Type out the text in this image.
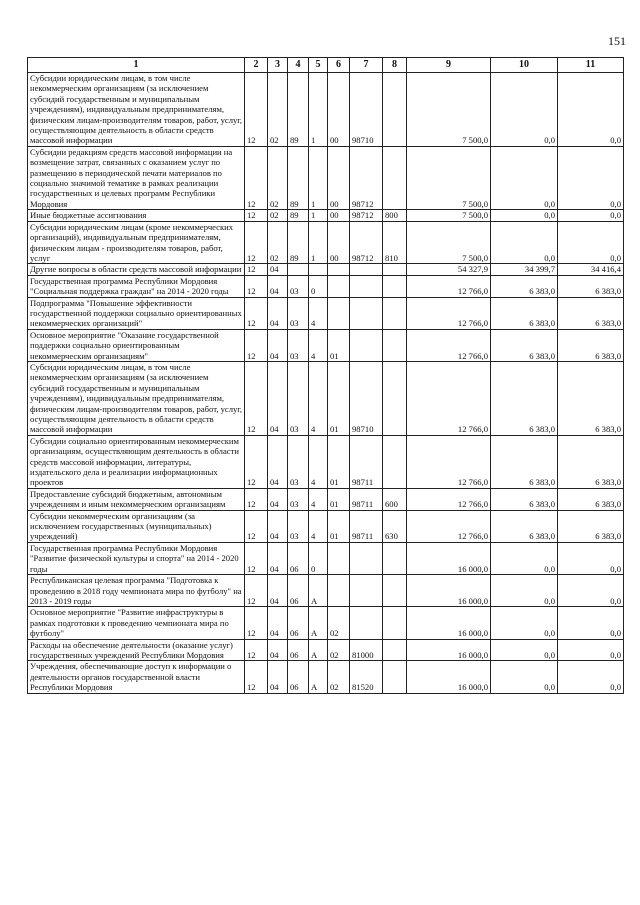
151
1	2	3	4	5	6	7	8	9	10	11
Субсидии юридическим лицам, в том числе некоммерческим организациям (за исключением субсидий государственным и муниципальным учреждениям), индивидуальным предпринимателям, физическим лицам-производителям товаров, работ, услуг, осуществляющим деятельность в области средств массовой информации	12	02	89	1	00	98710		7 500,0	0,0	0,0
Субсидии редакциям средств массовой информации на возмещение затрат, связанных с оказанием услуг по размещению в периодической печати материалов по социально значимой тематике в рамках реализации государственных и целевых программ Республики Мордовия	12	02	89	1	00	98712		7 500,0	0,0	0,0
Иные бюджетные ассигнования	12	02	89	1	00	98712	800	7 500,0	0,0	0,0
Субсидии юридическим лицам (кроме некоммерческих организаций), индивидуальным предпринимателям, физическим лицам - производителям товаров, работ, услуг	12	02	89	1	00	98712	810	7 500,0	0,0	0,0
Другие вопросы в области средств массовой информации	12	04						54 327,9	34 399,7	34 416,4
Государственная программа Республики Мордовия "Социальная поддержка граждан" на 2014 - 2020 годы	12	04	03	0				12 766,0	6 383,0	6 383,0
Подпрограмма "Повышение эффективности государственной поддержки социально ориентированных некоммерческих организаций"	12	04	03	4				12 766,0	6 383,0	6 383,0
Основное мероприятие "Оказание государственной поддержки социально ориентированным некоммерческим организациям"	12	04	03	4	01			12 766,0	6 383,0	6 383,0
Субсидии юридическим лицам, в том числе некоммерческим организациям (за исключением субсидий государственным и муниципальным учреждениям), индивидуальным предпринимателям, физическим лицам-производителям товаров, работ, услуг, осуществляющим деятельность в области средств массовой информации	12	04	03	4	01	98710		12 766,0	6 383,0	6 383,0
Субсидии социально ориентированным некоммерческим организациям, осуществляющим деятельность в области средств массовой информации, литературы, издательского дела и реализации информационных проектов	12	04	03	4	01	98711		12 766,0	6 383,0	6 383,0
Предоставление субсидий бюджетным, автономным учреждениям и иным некоммерческим организациям	12	04	03	4	01	98711	600	12 766,0	6 383,0	6 383,0
Субсидии некоммерческим организациям (за исключением государственных (муниципальных) учреждений)	12	04	03	4	01	98711	630	12 766,0	6 383,0	6 383,0
Государственная программа Республики Мордовия "Развитие физической культуры и спорта" на 2014 - 2020 годы	12	04	06	0				16 000,0	0,0	0,0
Республиканская целевая программа "Подготовка к проведению в 2018 году чемпионата мира по футболу" на 2013 - 2019 годы	12	04	06	А				16 000,0	0,0	0,0
Основное мероприятие "Развитие инфраструктуры в рамках подготовки к проведению чемпионата мира по футболу"	12	04	06	А	02			16 000,0	0,0	0,0
Расходы на обеспечение деятельности (оказание услуг) государственных учреждений Республики Мордовия	12	04	06	А	02	81000		16 000,0	0,0	0,0
Учреждения, обеспечивающие доступ к информации о деятельности органов государственной власти Республики Мордовия	12	04	06	А	02	81520		16 000,0	0,0	0,0
